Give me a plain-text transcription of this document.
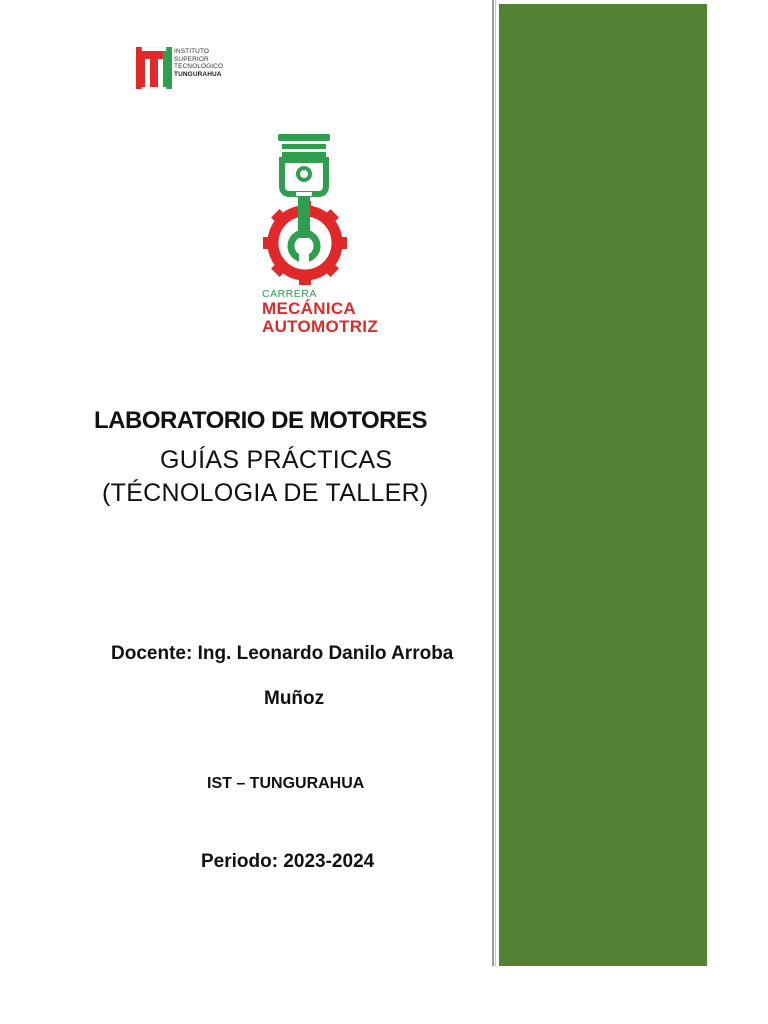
INSTITUTO
SUPERIOR
TECNOLÓGICO
TUNGURAHUA
CARRERA
MECÁNICA
AUTOMOTRIZ
LABORATORIO DE MOTORES
GUÍAS PRÁCTICAS
(TÉCNOLOGIA DE TALLER)
Docente: Ing. Leonardo Danilo Arroba
Muñoz
IST – TUNGURAHUA
Periodo: 2023-2024
